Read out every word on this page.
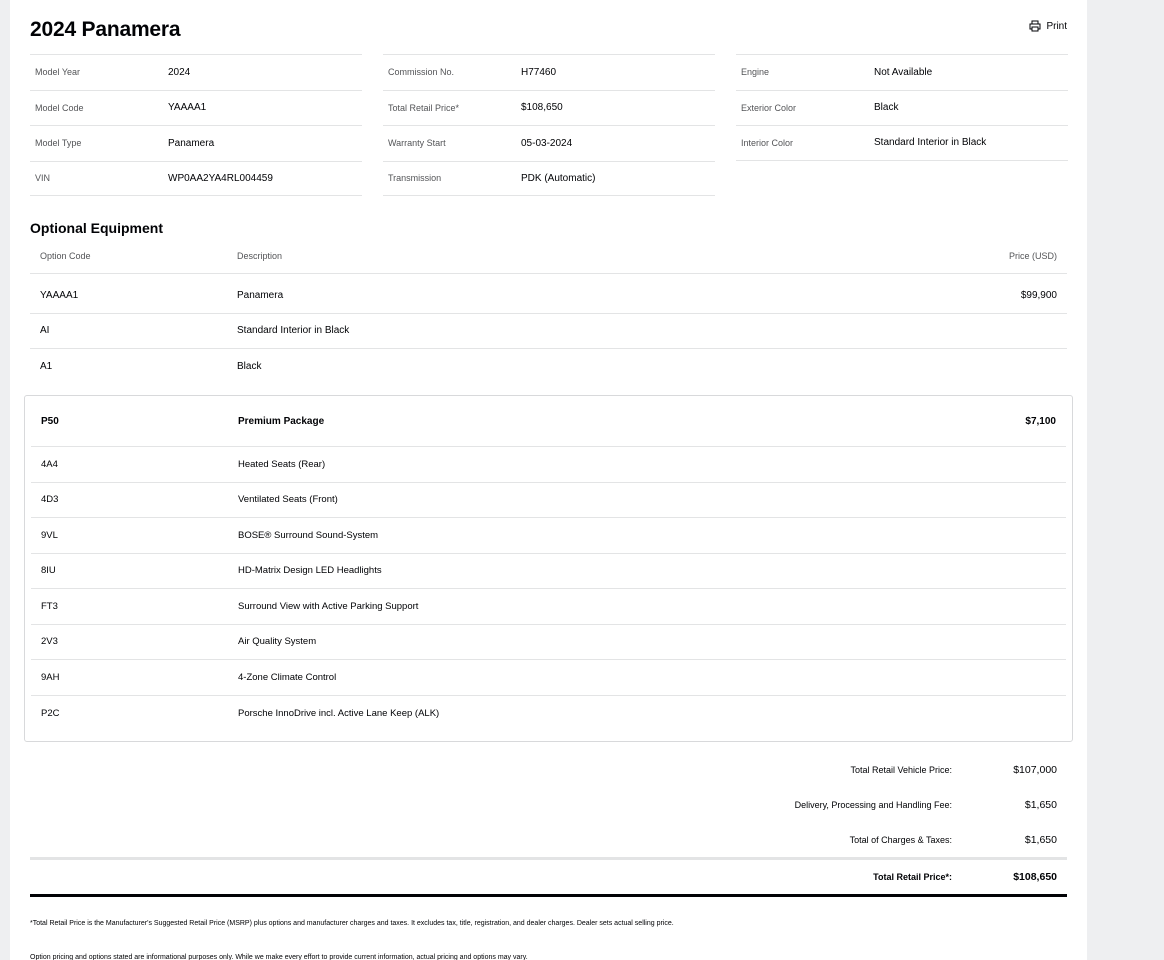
2024 Panamera	Print
Model Year	2024
Model Code	YAAAA1
Model Type	Panamera
VIN	WP0AA2YA4RL004459
Commission No.	H77460
Total Retail Price*	$108,650
Warranty Start	05-03-2024
Transmission	PDK (Automatic)
Engine	Not Available
Exterior Color	Black
Interior Color	Standard Interior in Black
Optional Equipment
Option Code	Description	Price (USD)
YAAAA1	Panamera	$99,900
AI	Standard Interior in Black
A1	Black
P50	Premium Package	$7,100
4A4	Heated Seats (Rear)
4D3	Ventilated Seats (Front)
9VL	BOSE® Surround Sound-System
8IU	HD-Matrix Design LED Headlights
FT3	Surround View with Active Parking Support
2V3	Air Quality System
9AH	4-Zone Climate Control
P2C	Porsche InnoDrive incl. Active Lane Keep (ALK)
Total Retail Vehicle Price:	$107,000
Delivery, Processing and Handling Fee:	$1,650
Total of Charges & Taxes:	$1,650
Total Retail Price*:	$108,650

*Total Retail Price is the Manufacturer's Suggested Retail Price (MSRP) plus options and manufacturer charges and taxes. It excludes tax, title, registration, and dealer charges. Dealer sets actual selling price.

Option pricing and options stated are informational purposes only. While we make every effort to provide current information, actual pricing and options may vary.
